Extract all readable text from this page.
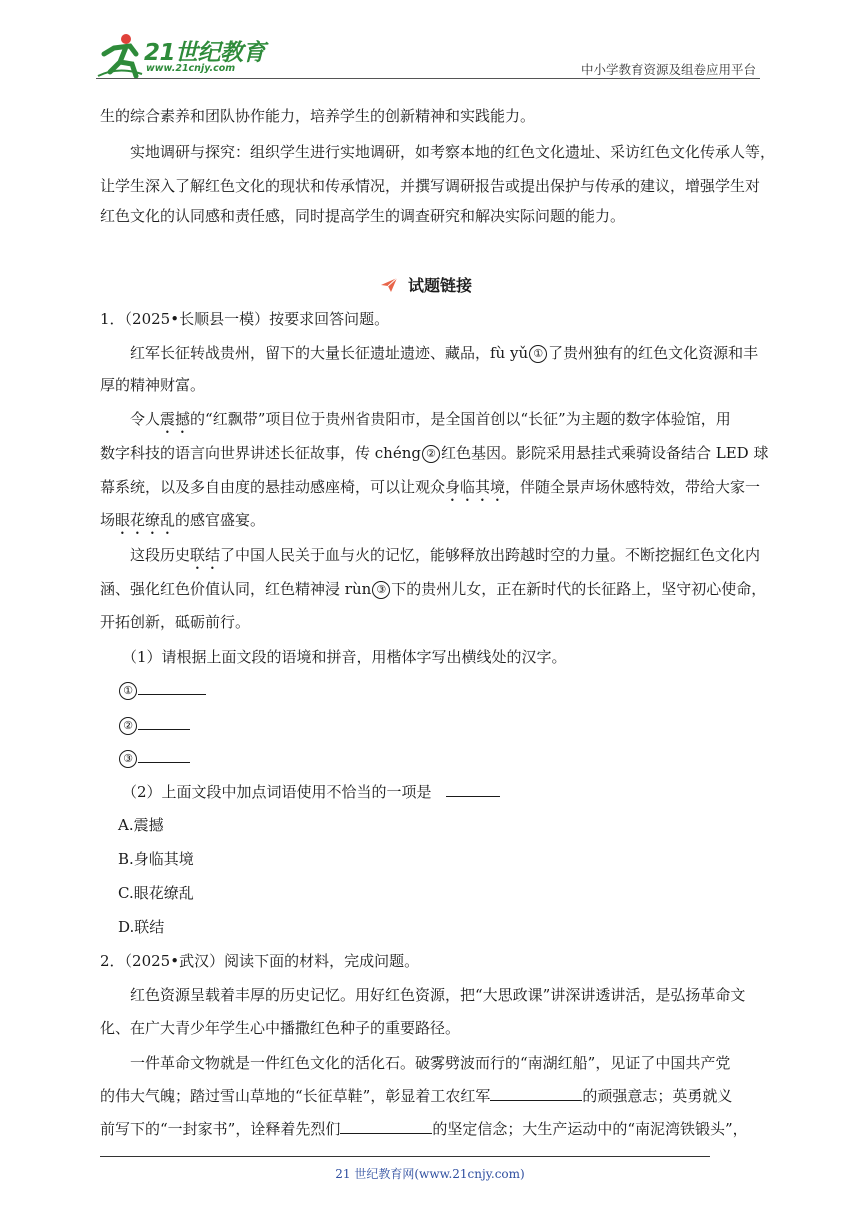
21世纪教育
www.21cnjy.com	中小学教育资源及组卷应用平台
生的综合素养和团队协作能力，培养学生的创新精神和实践能力。
实地调研与探究：组织学生进行实地调研，如考察本地的红色文化遗址、采访红色文化传承人等，
让学生深入了解红色文化的现状和传承情况，并撰写调研报告或提出保护与传承的建议，增强学生对
红色文化的认同感和责任感，同时提高学生的调查研究和解决实际问题的能力。
试题链接
1．（2025•长顺县一模）按要求回答问题。
红军长征转战贵州，留下的大量长征遗址遗迹、藏品，fù yǔ ① 了贵州独有的红色文化资源和丰
厚的精神财富。
令人震撼的“红飘带”项目位于贵州省贵阳市，是全国首创以“长征”为主题的数字体验馆，用
数字科技的语言向世界讲述长征故事，传 chéng ② 红色基因。影院采用悬挂式乘骑设备结合 LED 球
幕系统，以及多自由度的悬挂动感座椅，可以让观众身临其境，伴随全景声场休感特效，带给大家一
场眼花缭乱的感官盛宴。
这段历史联结了中国人民关于血与火的记忆，能够释放出跨越时空的力量。不断挖掘红色文化内
涵、强化红色价值认同，红色精神浸 rùn ③ 下的贵州儿女，正在新时代的长征路上，坚守初心使命，
开拓创新，砥砺前行。
（1）请根据上面文段的语境和拼音，用楷体字写出横线处的汉字。
①
②
③
（2）上面文段中加点词语使用不恰当的一项是
A.震撼
B.身临其境
C.眼花缭乱
D.联结
2．（2025•武汉）阅读下面的材料，完成问题。
红色资源呈载着丰厚的历史记忆。用好红色资源，把“大思政课”讲深讲透讲活，是弘扬革命文
化、在广大青少年学生心中播撒红色种子的重要路径。
一件革命文物就是一件红色文化的活化石。破雾劈波而行的“南湖红船”，见证了中国共产党
的伟大气魄；踏过雪山草地的“长征草鞋”，彰显着工农红军	的顽强意志；英勇就义
前写下的“一封家书”，诠释着先烈们	的坚定信念；大生产运动中的“南泥湾铁锻头”，
21 世纪教育网(www.21cnjy.com)
